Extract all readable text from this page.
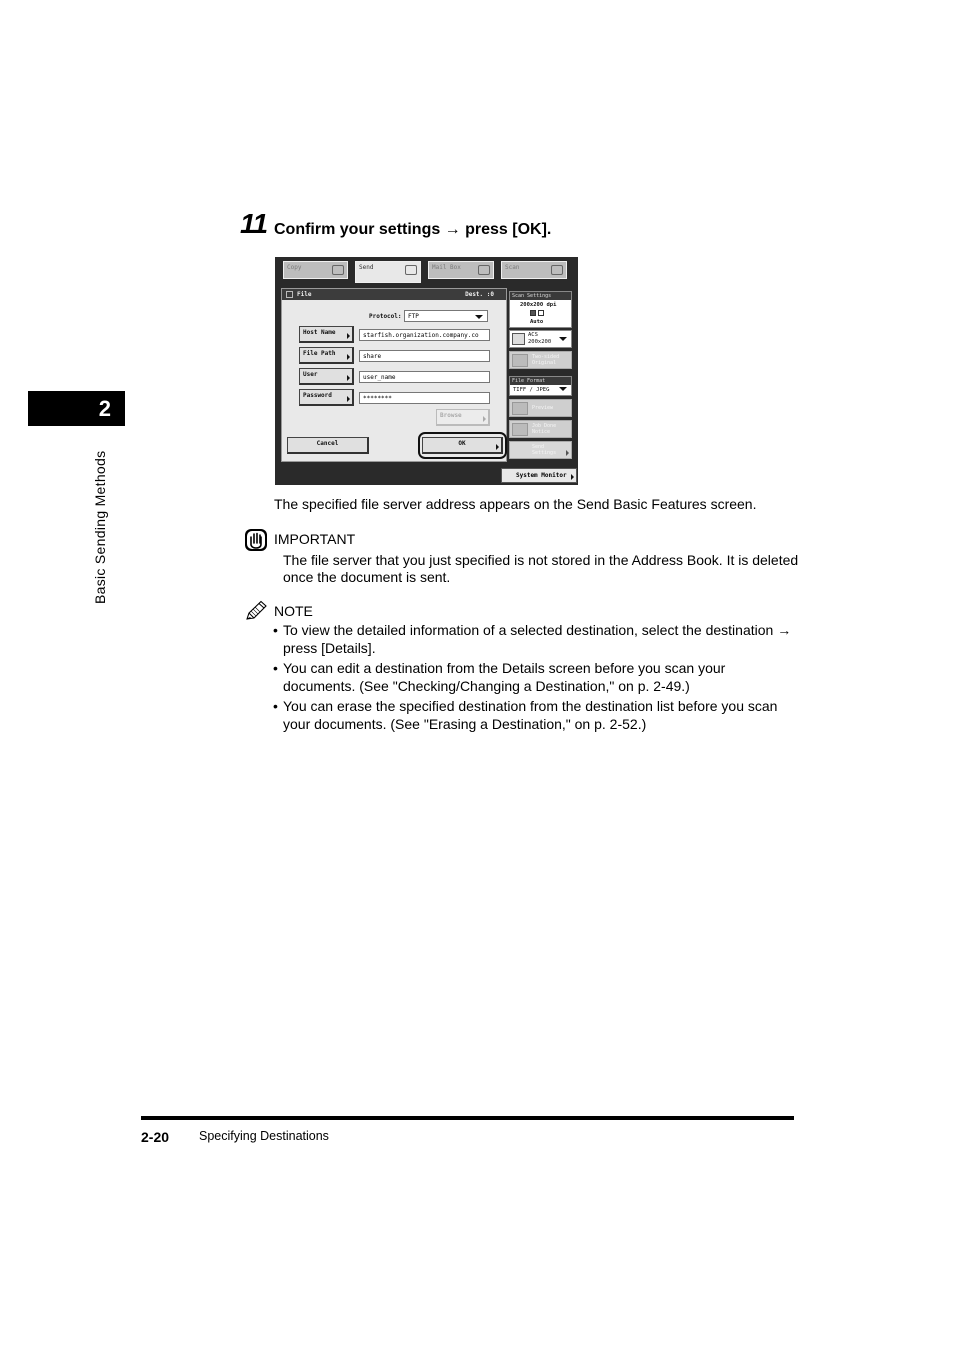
2
Basic Sending Methods
11 Confirm your settings → press [OK].
Copy	Send	Mail Box	Scan
File	Dest. :0
Protocol:	FTP
Host Name	starfish.organization.company.co
File Path	share
User	user_name
Password	********
Browse
Cancel	OK
Scan Settings
200x200 dpi
Auto
ACS
200x200
Two-sided
Original
File Format
TIFF / JPEG
Preview
Job Done
Notice
Send
Settings
System Monitor
The specified file server address appears on the Send Basic Features screen.
IMPORTANT
The file server that you just specified is not stored in the Address Book. It is deleted
once the document is sent.
NOTE
• To view the detailed information of a selected destination, select the destination →
press [Details].
• You can edit a destination from the Details screen before you scan your
documents. (See "Checking/Changing a Destination," on p. 2-49.)
• You can erase the specified destination from the destination list before you scan
your documents. (See "Erasing a Destination," on p. 2-52.)
2-20 Specifying Destinations
